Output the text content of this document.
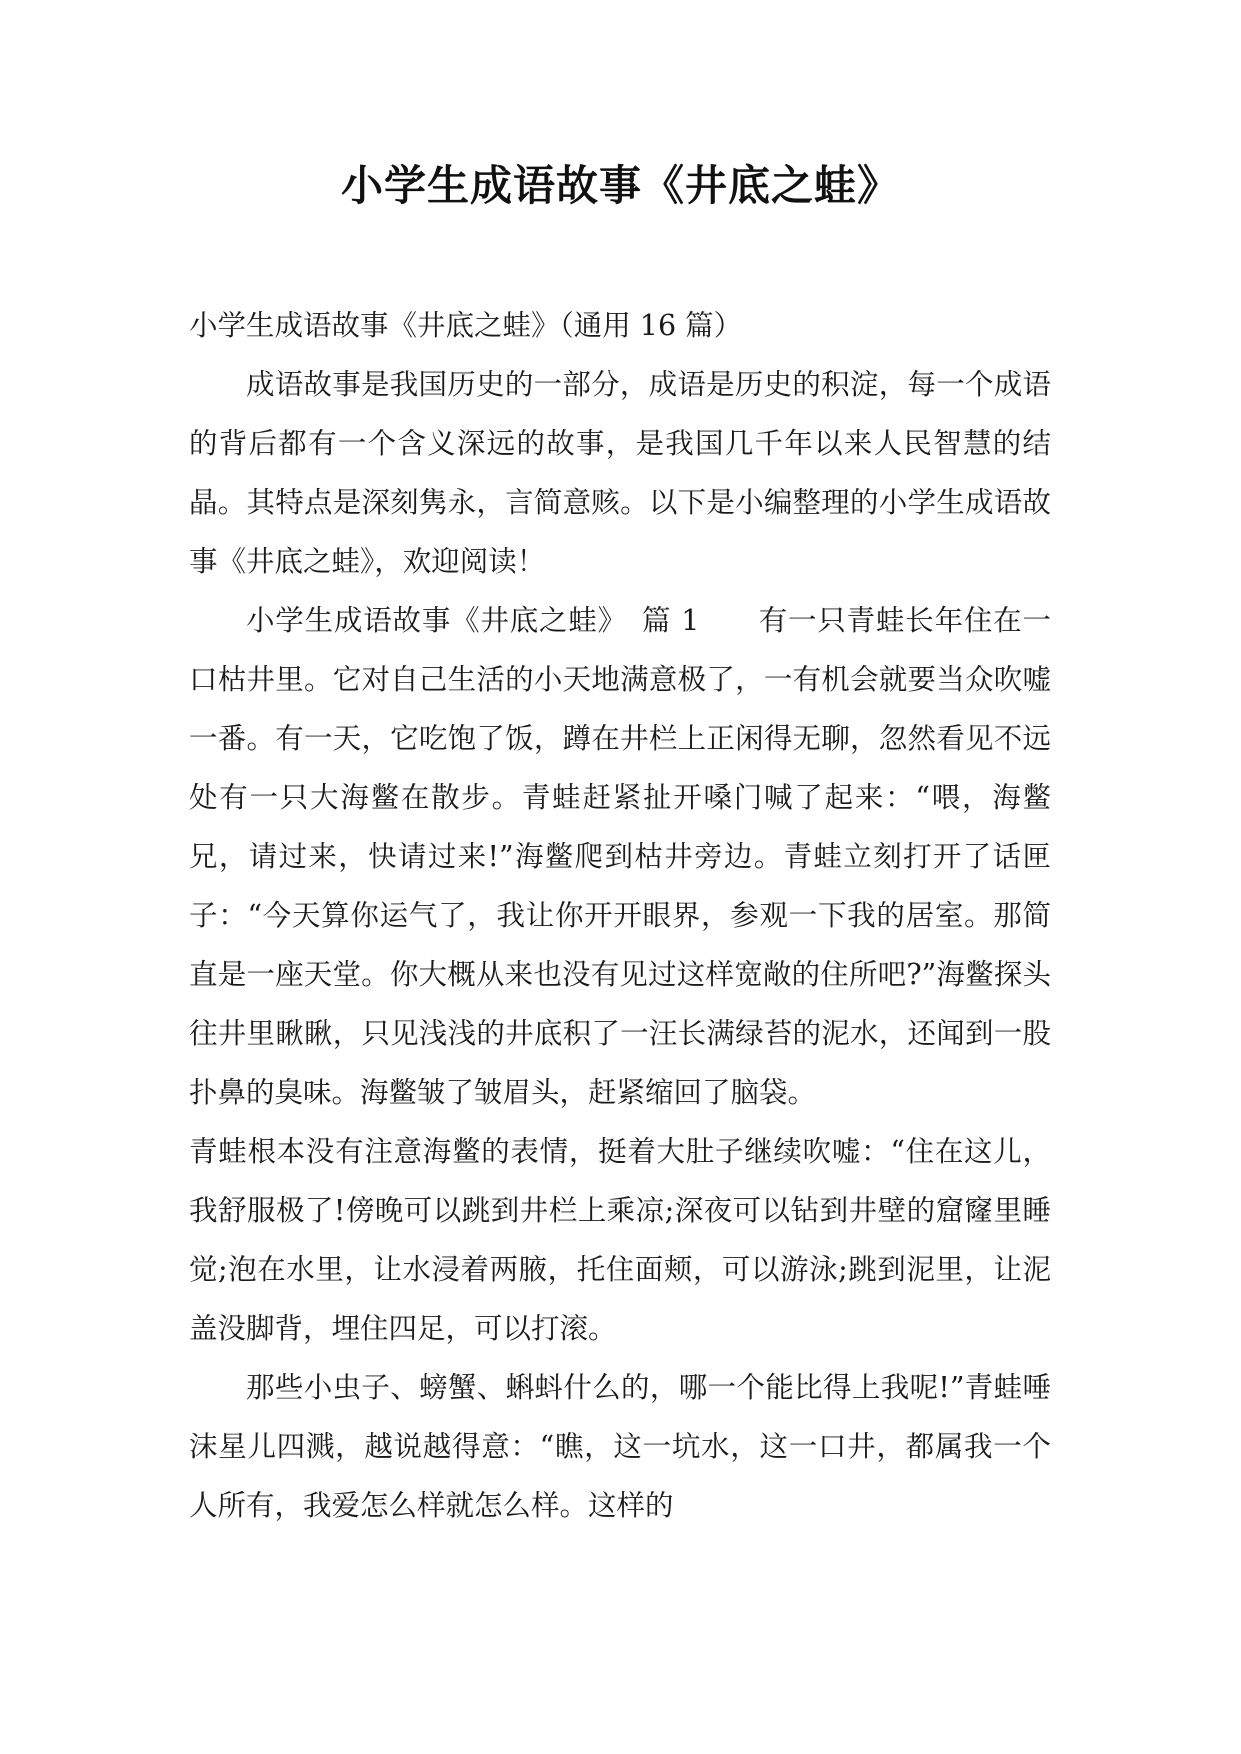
小学生成语故事《井底之蛙》

小学生成语故事《井底之蛙》（通用 16 篇）

成语故事是我国历史的一部分，成语是历史的积淀，每一个成语的背后都有一个含义深远的故事，是我国几千年以来人民智慧的结晶。其特点是深刻隽永，言简意赅。以下是小编整理的小学生成语故事《井底之蛙》，欢迎阅读！

小学生成语故事《井底之蛙》　篇 1　　有一只青蛙长年住在一口枯井里。它对自己生活的小天地满意极了，一有机会就要当众吹嘘一番。有一天，它吃饱了饭，蹲在井栏上正闲得无聊，忽然看见不远处有一只大海鳖在散步。青蛙赶紧扯开嗓门喊了起来：“喂，海鳖兄，请过来，快请过来!”海鳖爬到枯井旁边。青蛙立刻打开了话匣子：“今天算你运气了，我让你开开眼界，参观一下我的居室。那简直是一座天堂。你大概从来也没有见过这样宽敞的住所吧?”海鳖探头往井里瞅瞅，只见浅浅的井底积了一汪长满绿苔的泥水，还闻到一股扑鼻的臭味。海鳖皱了皱眉头，赶紧缩回了脑袋。

青蛙根本没有注意海鳖的表情，挺着大肚子继续吹嘘：“住在这儿，我舒服极了!傍晚可以跳到井栏上乘凉;深夜可以钻到井壁的窟窿里睡觉;泡在水里，让水浸着两腋，托住面颊，可以游泳;跳到泥里，让泥盖没脚背，埋住四足，可以打滚。

那些小虫子、螃蟹、蝌蚪什么的，哪一个能比得上我呢!”青蛙唾沫星儿四溅，越说越得意：“瞧，这一坑水，这一口井，都属我一个人所有，我爱怎么样就怎么样。这样的
